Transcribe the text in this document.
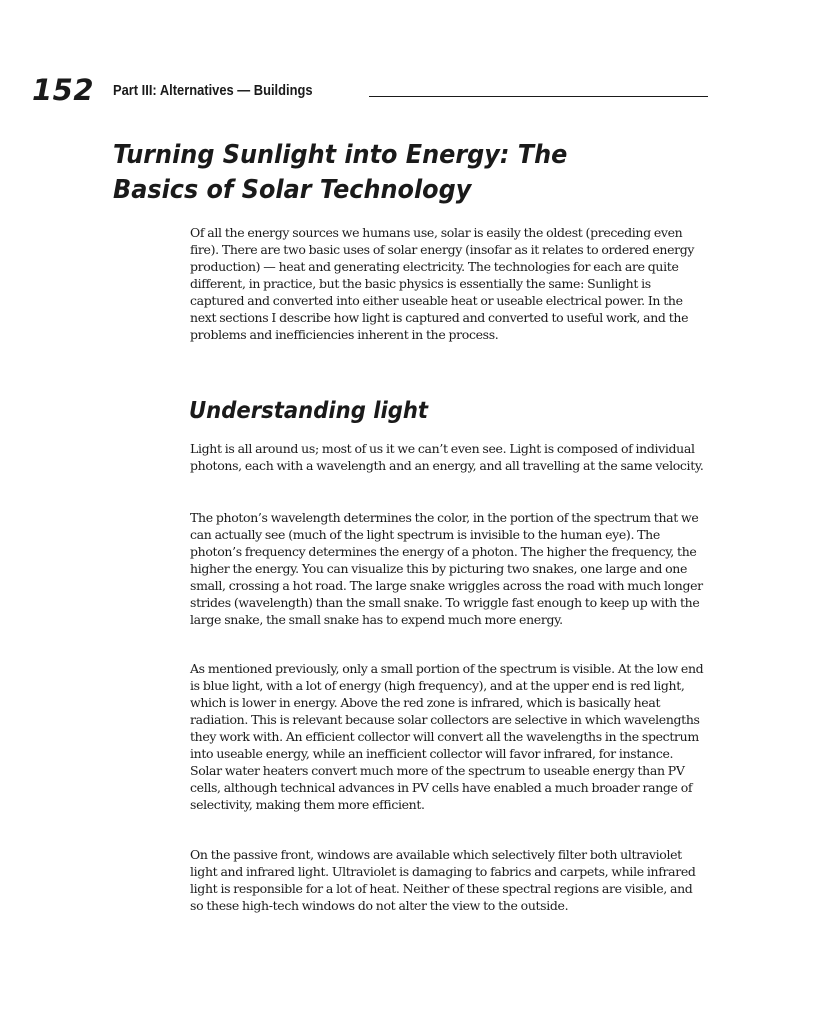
152 Part III: Alternatives — Buildings
Turning Sunlight into Energy: The Basics of Solar Technology

Of all the energy sources we humans use, solar is easily the oldest (preceding even fire). There are two basic uses of solar energy (insofar as it relates to ordered energy production) — heat and generating electricity. The technologies for each are quite different, in practice, but the basic physics is essentially the same: Sunlight is captured and converted into either useable heat or useable electrical power. In the next sections I describe how light is captured and converted to useful work, and the problems and inefficiencies inherent in the process.

Understanding light

Light is all around us; most of us it we can’t even see. Light is composed of individual photons, each with a wavelength and an energy, and all travelling at the same velocity.

The photon’s wavelength determines the color, in the portion of the spectrum that we can actually see (much of the light spectrum is invisible to the human eye). The photon’s frequency determines the energy of a photon. The higher the frequency, the higher the energy. You can visualize this by picturing two snakes, one large and one small, crossing a hot road. The large snake wriggles across the road with much longer strides (wavelength) than the small snake. To wriggle fast enough to keep up with the large snake, the small snake has to expend much more energy.

As mentioned previously, only a small portion of the spectrum is visible. At the low end is blue light, with a lot of energy (high frequency), and at the upper end is red light, which is lower in energy. Above the red zone is infrared, which is basically heat radiation. This is relevant because solar collectors are selective in which wavelengths they work with. An efficient collector will convert all the wavelengths in the spectrum into useable energy, while an inefficient collector will favor infrared, for instance. Solar water heaters convert much more of the spectrum to useable energy than PV cells, although technical advances in PV cells have enabled a much broader range of selectivity, making them more efficient.

On the passive front, windows are available which selectively filter both ultraviolet light and infrared light. Ultraviolet is damaging to fabrics and carpets, while infrared light is responsible for a lot of heat. Neither of these spectral regions are visible, and so these high-tech windows do not alter the view to the outside.
